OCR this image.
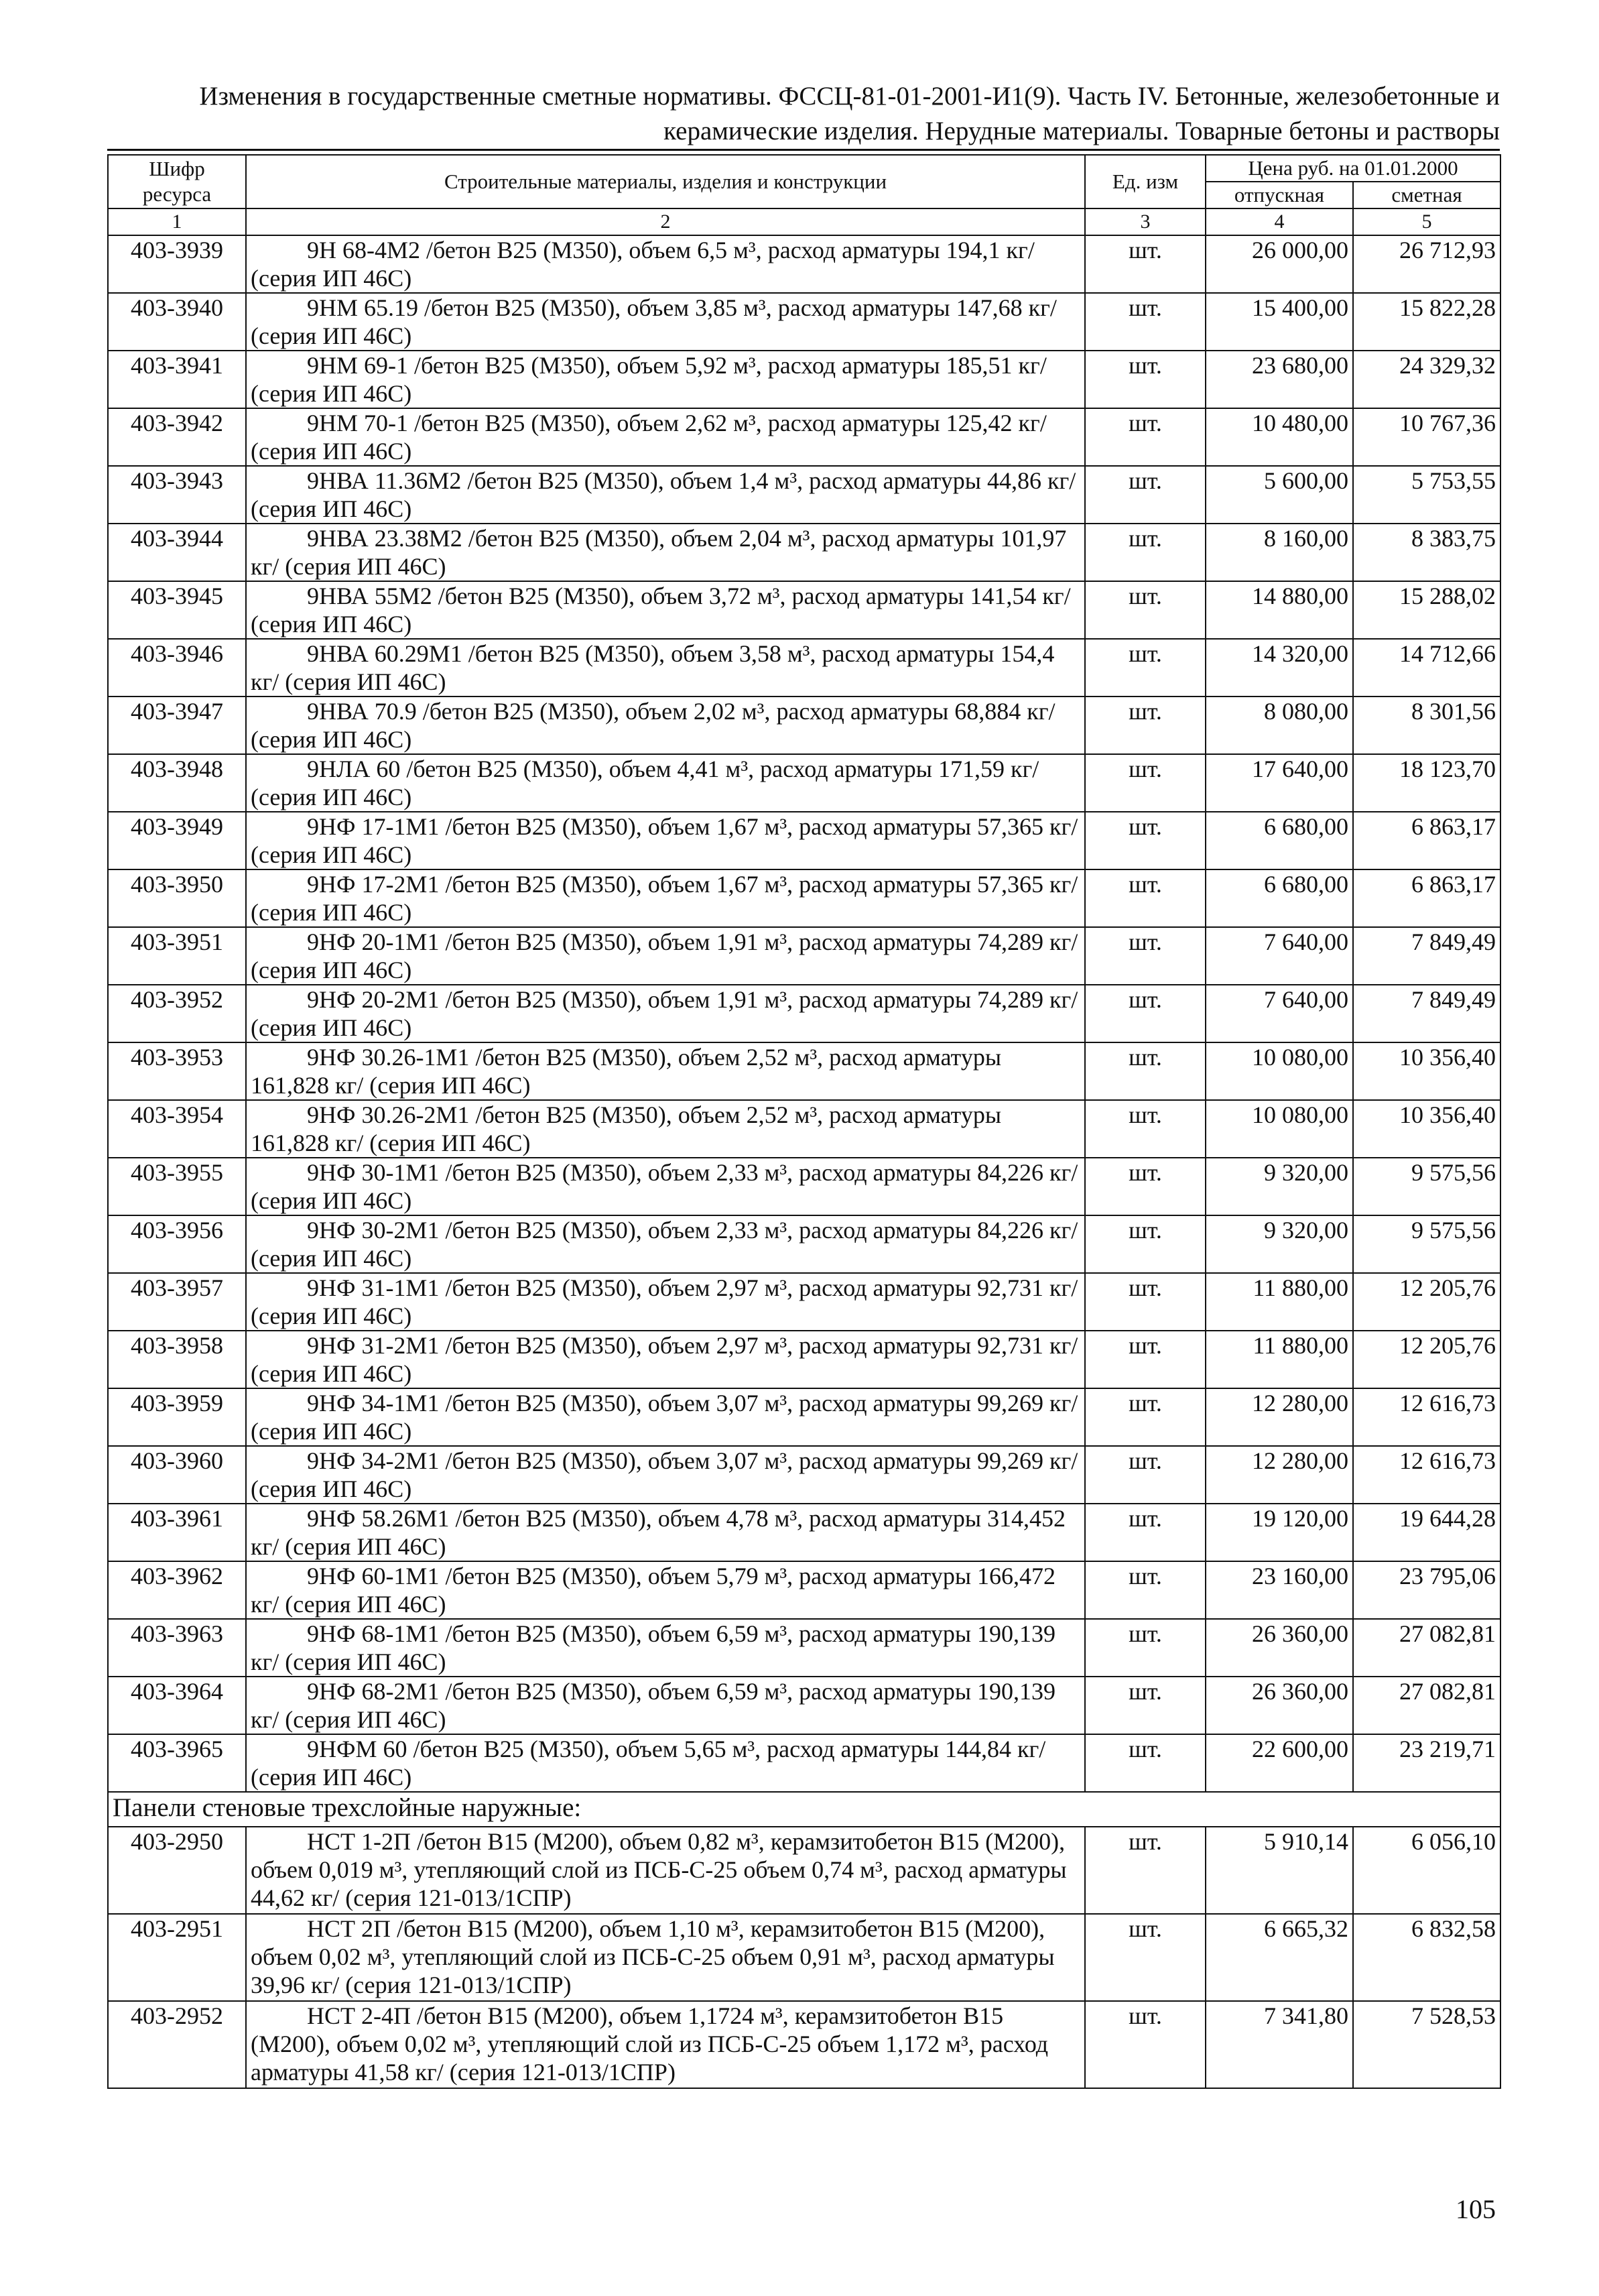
Изменения в государственные сметные нормативы. ФССЦ-81-01-2001-И1(9). Часть IV. Бетонные, железобетонные и
керамические изделия. Нерудные материалы. Товарные бетоны и растворы
Шифр ресурса	Строительные материалы, изделия и конструкции	Ед. изм	Цена руб. на 01.01.2000	
			отпускная	сметная
1	2	3	4	5
403-3939	9Н 68-4М2 /бетон В25 (М350), объем 6,5 м³, расход арматуры 194,1 кг/ (серия ИП 46С)	шт.	26 000,00	26 712,93
403-3940	9НМ 65.19 /бетон В25 (М350), объем 3,85 м³, расход арматуры 147,68 кг/ (серия ИП 46С)	шт.	15 400,00	15 822,28
403-3941	9НМ 69-1 /бетон В25 (М350), объем 5,92 м³, расход арматуры 185,51 кг/ (серия ИП 46С)	шт.	23 680,00	24 329,32
403-3942	9НМ 70-1 /бетон В25 (М350), объем 2,62 м³, расход арматуры 125,42 кг/ (серия ИП 46С)	шт.	10 480,00	10 767,36
403-3943	9НВА 11.36М2 /бетон В25 (М350), объем 1,4 м³, расход арматуры 44,86 кг/ (серия ИП 46С)	шт.	5 600,00	5 753,55
403-3944	9НВА 23.38М2 /бетон В25 (М350), объем 2,04 м³, расход арматуры 101,97 кг/ (серия ИП 46С)	шт.	8 160,00	8 383,75
403-3945	9НВА 55М2 /бетон В25 (М350), объем 3,72 м³, расход арматуры 141,54 кг/ (серия ИП 46С)	шт.	14 880,00	15 288,02
403-3946	9НВА 60.29М1 /бетон В25 (М350), объем 3,58 м³, расход арматуры 154,4 кг/ (серия ИП 46С)	шт.	14 320,00	14 712,66
403-3947	9НВА 70.9 /бетон В25 (М350), объем 2,02 м³, расход арматуры 68,884 кг/ (серия ИП 46С)	шт.	8 080,00	8 301,56
403-3948	9НЛА 60 /бетон В25 (М350), объем 4,41 м³, расход арматуры 171,59 кг/ (серия ИП 46С)	шт.	17 640,00	18 123,70
403-3949	9НФ 17-1М1 /бетон В25 (М350), объем 1,67 м³, расход арматуры 57,365 кг/ (серия ИП 46С)	шт.	6 680,00	6 863,17
403-3950	9НФ 17-2М1 /бетон В25 (М350), объем 1,67 м³, расход арматуры 57,365 кг/ (серия ИП 46С)	шт.	6 680,00	6 863,17
403-3951	9НФ 20-1М1 /бетон В25 (М350), объем 1,91 м³, расход арматуры 74,289 кг/ (серия ИП 46С)	шт.	7 640,00	7 849,49
403-3952	9НФ 20-2М1 /бетон В25 (М350), объем 1,91 м³, расход арматуры 74,289 кг/ (серия ИП 46С)	шт.	7 640,00	7 849,49
403-3953	9НФ 30.26-1М1 /бетон В25 (М350), объем 2,52 м³, расход арматуры 161,828 кг/ (серия ИП 46С)	шт.	10 080,00	10 356,40
403-3954	9НФ 30.26-2М1 /бетон В25 (М350), объем 2,52 м³, расход арматуры 161,828 кг/ (серия ИП 46С)	шт.	10 080,00	10 356,40
403-3955	9НФ 30-1М1 /бетон В25 (М350), объем 2,33 м³, расход арматуры 84,226 кг/ (серия ИП 46С)	шт.	9 320,00	9 575,56
403-3956	9НФ 30-2М1 /бетон В25 (М350), объем 2,33 м³, расход арматуры 84,226 кг/ (серия ИП 46С)	шт.	9 320,00	9 575,56
403-3957	9НФ 31-1М1 /бетон В25 (М350), объем 2,97 м³, расход арматуры 92,731 кг/ (серия ИП 46С)	шт.	11 880,00	12 205,76
403-3958	9НФ 31-2М1 /бетон В25 (М350), объем 2,97 м³, расход арматуры 92,731 кг/ (серия ИП 46С)	шт.	11 880,00	12 205,76
403-3959	9НФ 34-1М1 /бетон В25 (М350), объем 3,07 м³, расход арматуры 99,269 кг/ (серия ИП 46С)	шт.	12 280,00	12 616,73
403-3960	9НФ 34-2М1 /бетон В25 (М350), объем 3,07 м³, расход арматуры 99,269 кг/ (серия ИП 46С)	шт.	12 280,00	12 616,73
403-3961	9НФ 58.26М1 /бетон В25 (М350), объем 4,78 м³, расход арматуры 314,452 кг/ (серия ИП 46С)	шт.	19 120,00	19 644,28
403-3962	9НФ 60-1М1 /бетон В25 (М350), объем 5,79 м³, расход арматуры 166,472 кг/ (серия ИП 46С)	шт.	23 160,00	23 795,06
403-3963	9НФ 68-1М1 /бетон В25 (М350), объем 6,59 м³, расход арматуры 190,139 кг/ (серия ИП 46С)	шт.	26 360,00	27 082,81
403-3964	9НФ 68-2М1 /бетон В25 (М350), объем 6,59 м³, расход арматуры 190,139 кг/ (серия ИП 46С)	шт.	26 360,00	27 082,81
403-3965	9НФМ 60 /бетон В25 (М350), объем 5,65 м³, расход арматуры 144,84 кг/ (серия ИП 46С)	шт.	22 600,00	23 219,71
Панели стеновые трехслойные наружные:				
403-2950	НСТ 1-2П /бетон В15 (М200), объем 0,82 м³, керамзитобетон В15 (М200), объем 0,019 м³, утепляющий слой из ПСБ-С-25 объем 0,74 м³, расход арматуры 44,62 кг/ (серия 121-013/1СПР)	шт.	5 910,14	6 056,10
403-2951	НСТ 2П /бетон В15 (М200), объем 1,10 м³, керамзитобетон В15 (М200), объем 0,02 м³, утепляющий слой из ПСБ-С-25 объем 0,91 м³, расход арматуры 39,96 кг/ (серия 121-013/1СПР)	шт.	6 665,32	6 832,58
403-2952	НСТ 2-4П /бетон В15 (М200), объем 1,1724 м³, керамзитобетон В15 (М200), объем 0,02 м³, утепляющий слой из ПСБ-С-25 объем 1,172 м³, расход арматуры 41,58 кг/ (серия 121-013/1СПР)	шт.	7 341,80	7 528,53
105
